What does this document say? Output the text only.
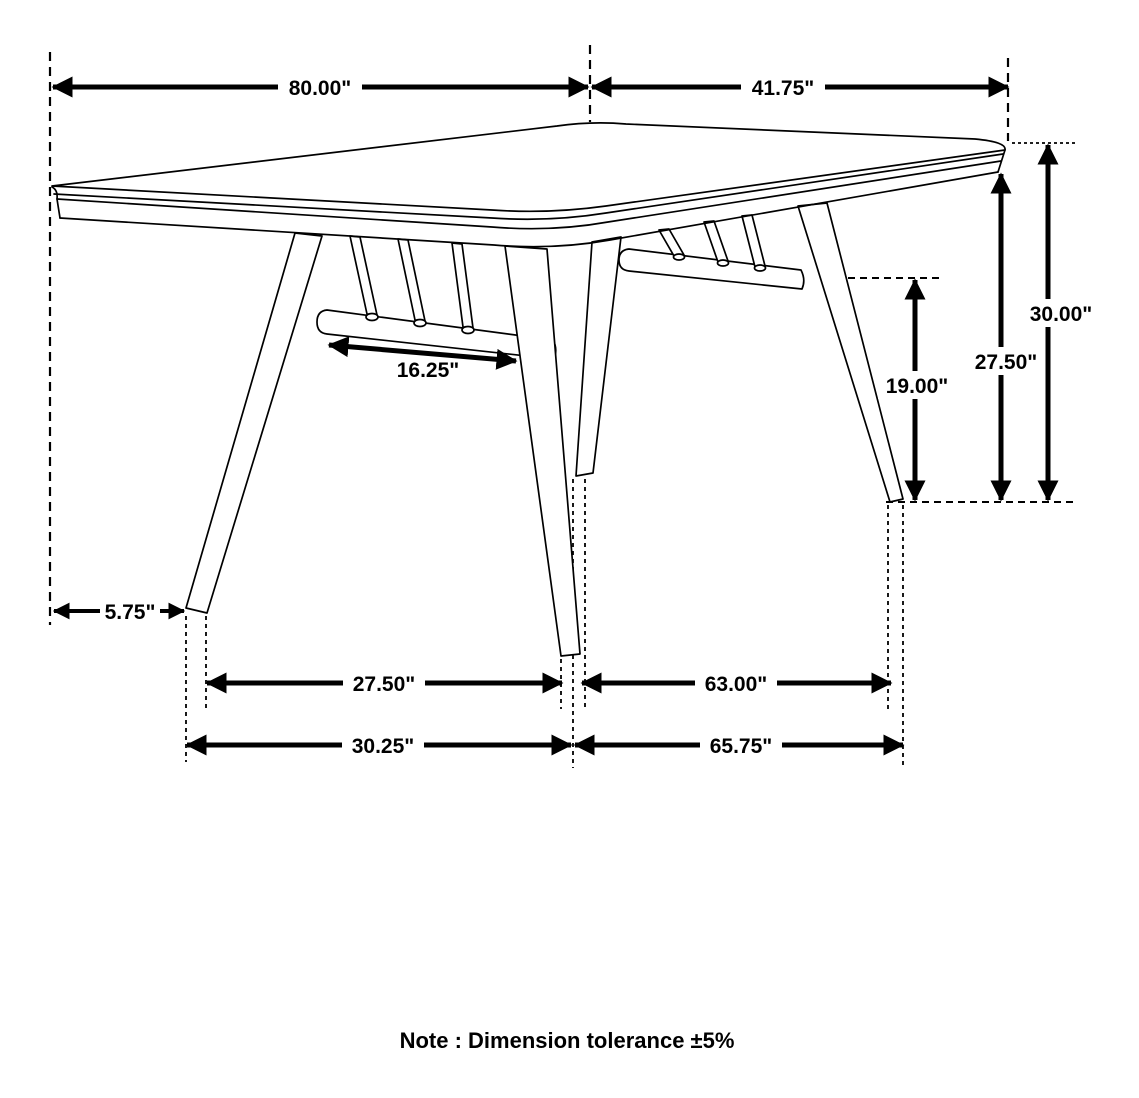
80.00"	41.75"
30.00"
27.50"
19.00"
16.25"
5.75"
27.50"	63.00"
30.25"	65.75"
Note : Dimension tolerance ±5%
